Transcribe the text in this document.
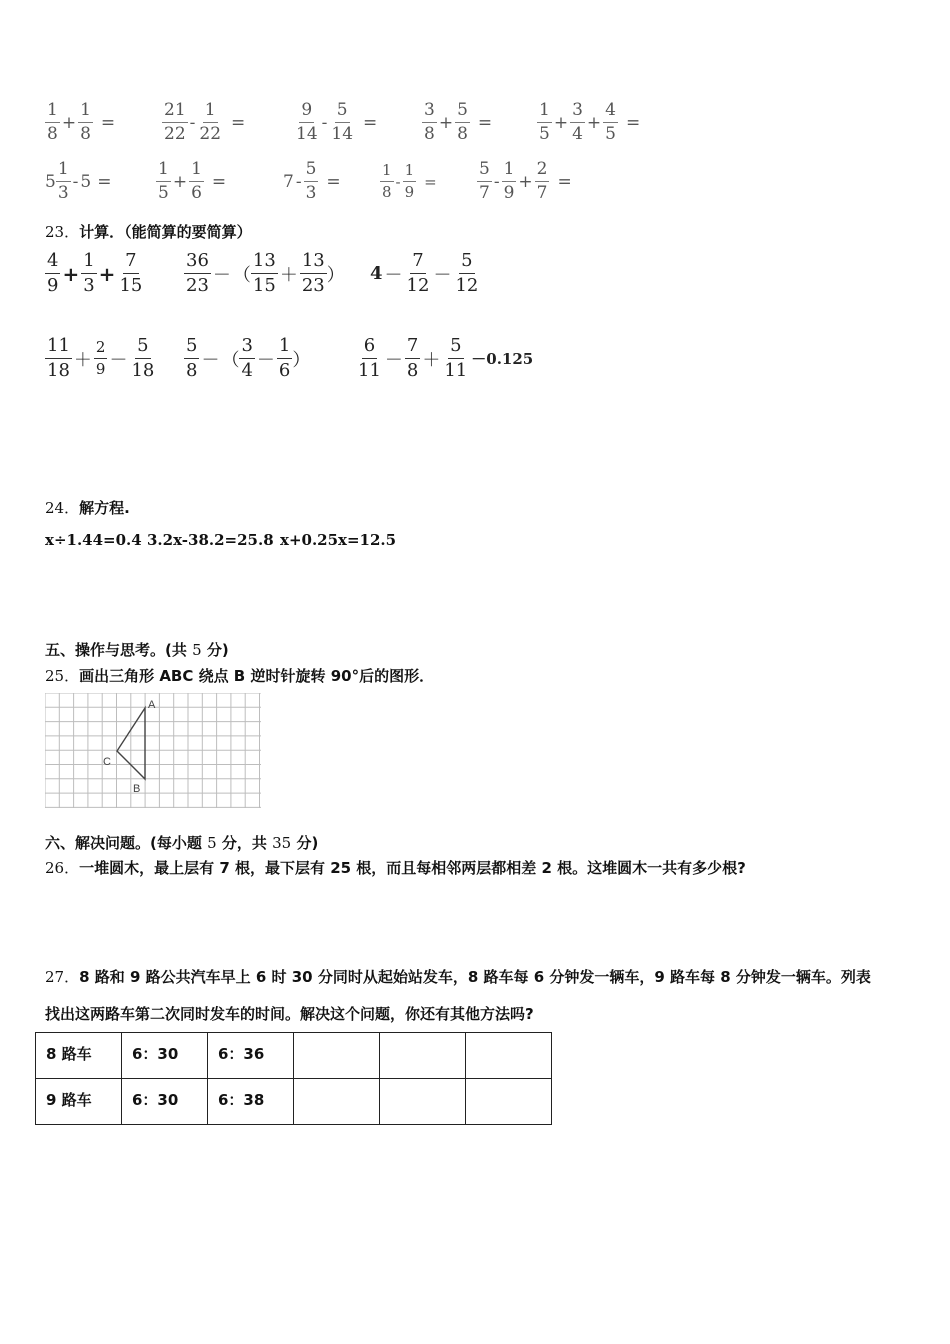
$\frac{1}{8} + \frac{1}{8}$ =	$\frac{21}{22} - \frac{1}{22}$ =	$\frac{9}{14} - \frac{5}{14}$ =	$\frac{3}{8} + \frac{5}{8}$ =	$\frac{1}{5} + \frac{3}{4} + \frac{4}{5}$ =
$5 \frac{1}{3} - 5$ =	$\frac{1}{5} + \frac{1}{6}$ =	$7 - \frac{5}{3}$ =	$\frac{1}{8} - \frac{1}{9} = \frac{5}{7} - \frac{1}{9} + \frac{2}{7}$ =
23．计算．（能简算的要简算）
$\frac{4}{9} + \frac{1}{3} + \frac{7}{15} \frac{36}{23}$ － （ $\frac{13}{15} + \frac{13}{23}$ ） $4 - \frac{7}{12} - \frac{5}{12}$
$\frac{11}{18} + \frac{2}{9} - \frac{5}{18} \frac{5}{8}$ － （ $\frac{3}{4} - \frac{1}{6}$ ）	$\frac{6}{11} - \frac{7}{8} + \frac{5}{11} -0.125$
24．解方程.
x÷1.44=0.4 3.2x-38.2=25.8 x+0.25x=12.5
五、操作与思考。(共 5 分)
25．画出三角形 ABC 绕点 B 逆时针旋转 90°后的图形．
A
B
C
六、解决问题。(每小题 5 分，共 35 分)
26．一堆圆木，最上层有 7 根，最下层有 25 根，而且每相邻两层都相差 2 根。这堆圆木一共有多少根?
27．8 路和 9 路公共汽车早上 6 时 30 分同时从起始站发车，8 路车每 6 分钟发一辆车，9 路车每 8 分钟发一辆车。列表
找出这两路车第二次同时发车的时间。解决这个问题，你还有其他方法吗?
8 路车	6：30	6：36			
9 路车	6：30	6：38			
